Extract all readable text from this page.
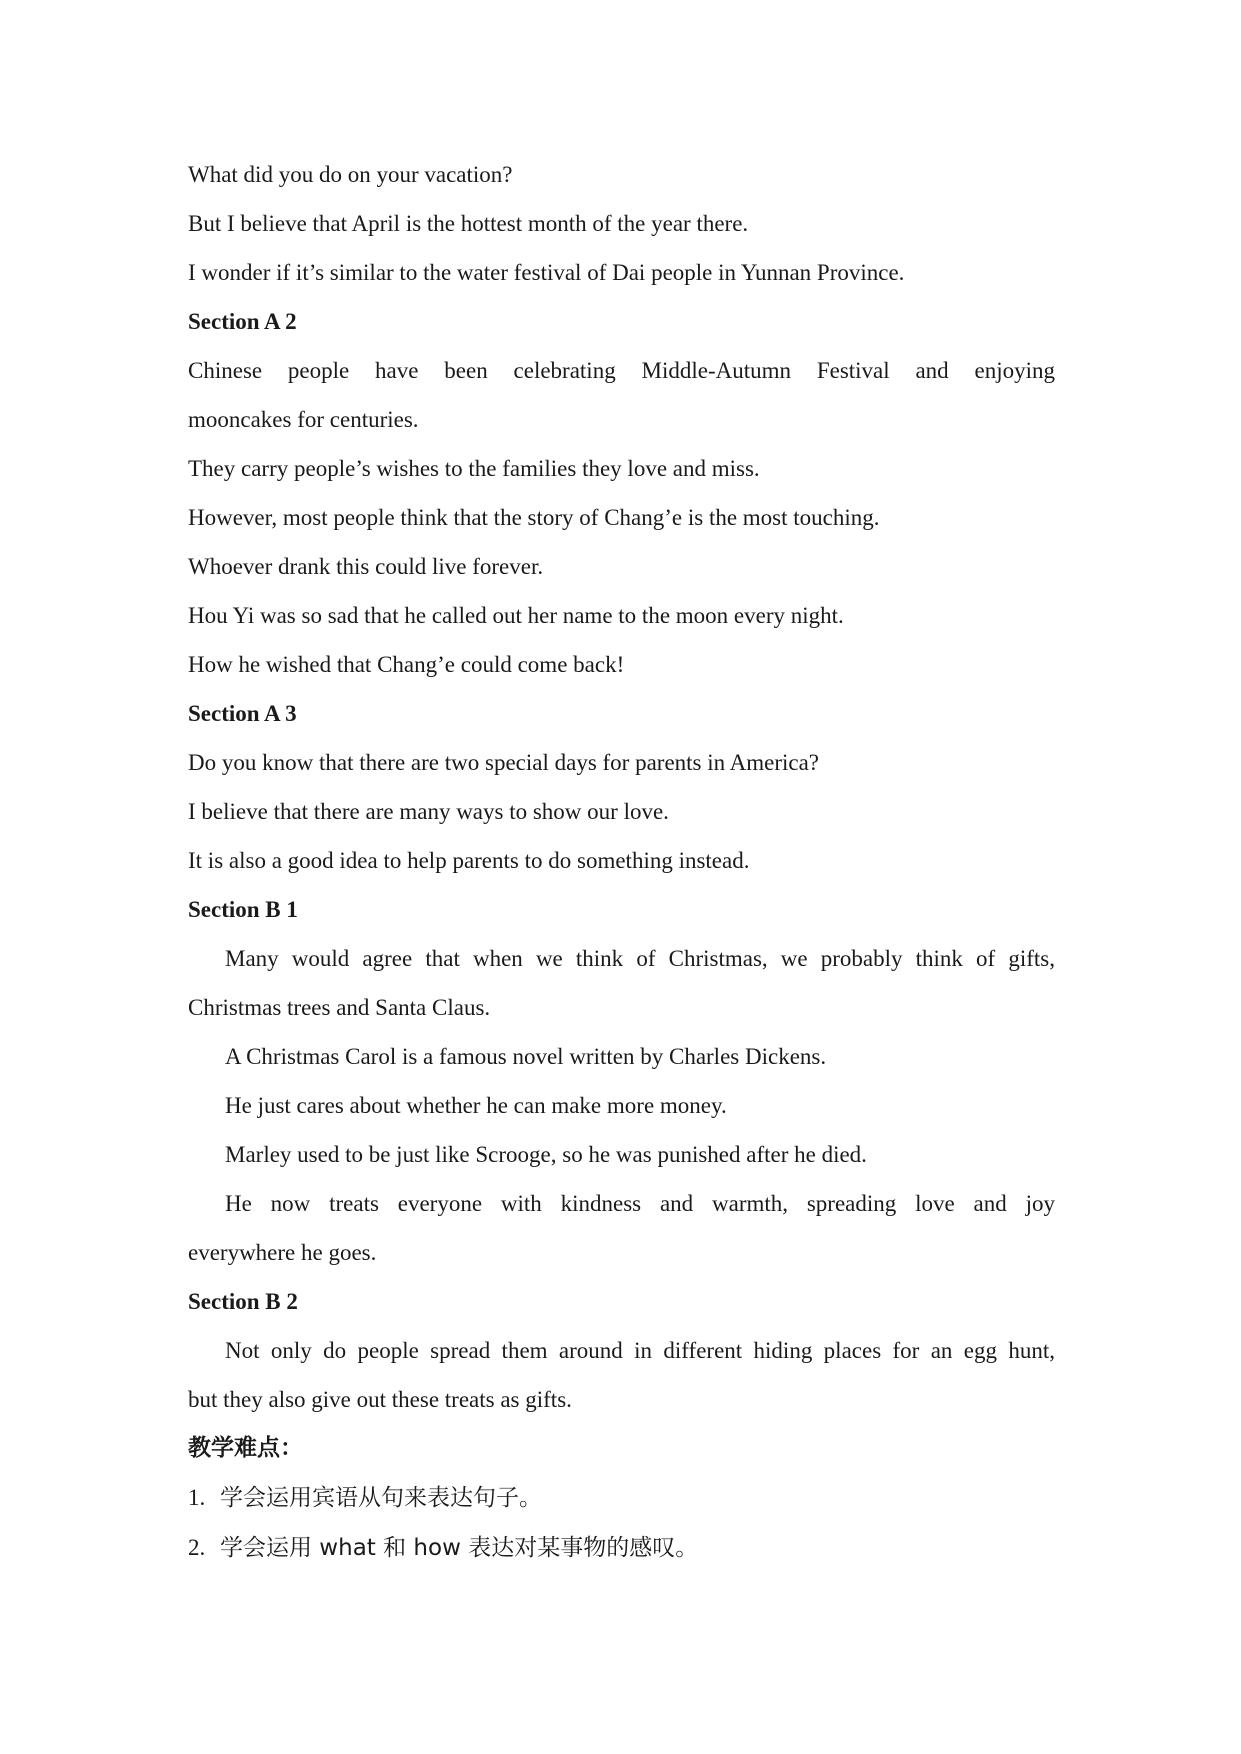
What did you do on your vacation?

But I believe that April is the hottest month of the year there.

I wonder if it’s similar to the water festival of Dai people in Yunnan Province.

Section A 2

Chinese people have been celebrating Middle-Autumn Festival and enjoying

mooncakes for centuries.

They carry people’s wishes to the families they love and miss.

However, most people think that the story of Chang’e is the most touching.

Whoever drank this could live forever.

Hou Yi was so sad that he called out her name to the moon every night.

How he wished that Chang’e could come back!

Section A 3

Do you know that there are two special days for parents in America?

I believe that there are many ways to show our love.

It is also a good idea to help parents to do something instead.

Section B 1

Many would agree that when we think of Christmas, we probably think of gifts,

Christmas trees and Santa Claus.

A Christmas Carol is a famous novel written by Charles Dickens.

He just cares about whether he can make more money.

Marley used to be just like Scrooge, so he was punished after he died.

He now treats everyone with kindness and warmth, spreading love and joy

everywhere he goes.

Section B 2

Not only do people spread them around in different hiding places for an egg hunt,

but they also give out these treats as gifts.

教学难点：

1. 学会运用宾语从句来表达句子。

2. 学会运用 what 和 how 表达对某事物的感叹。
